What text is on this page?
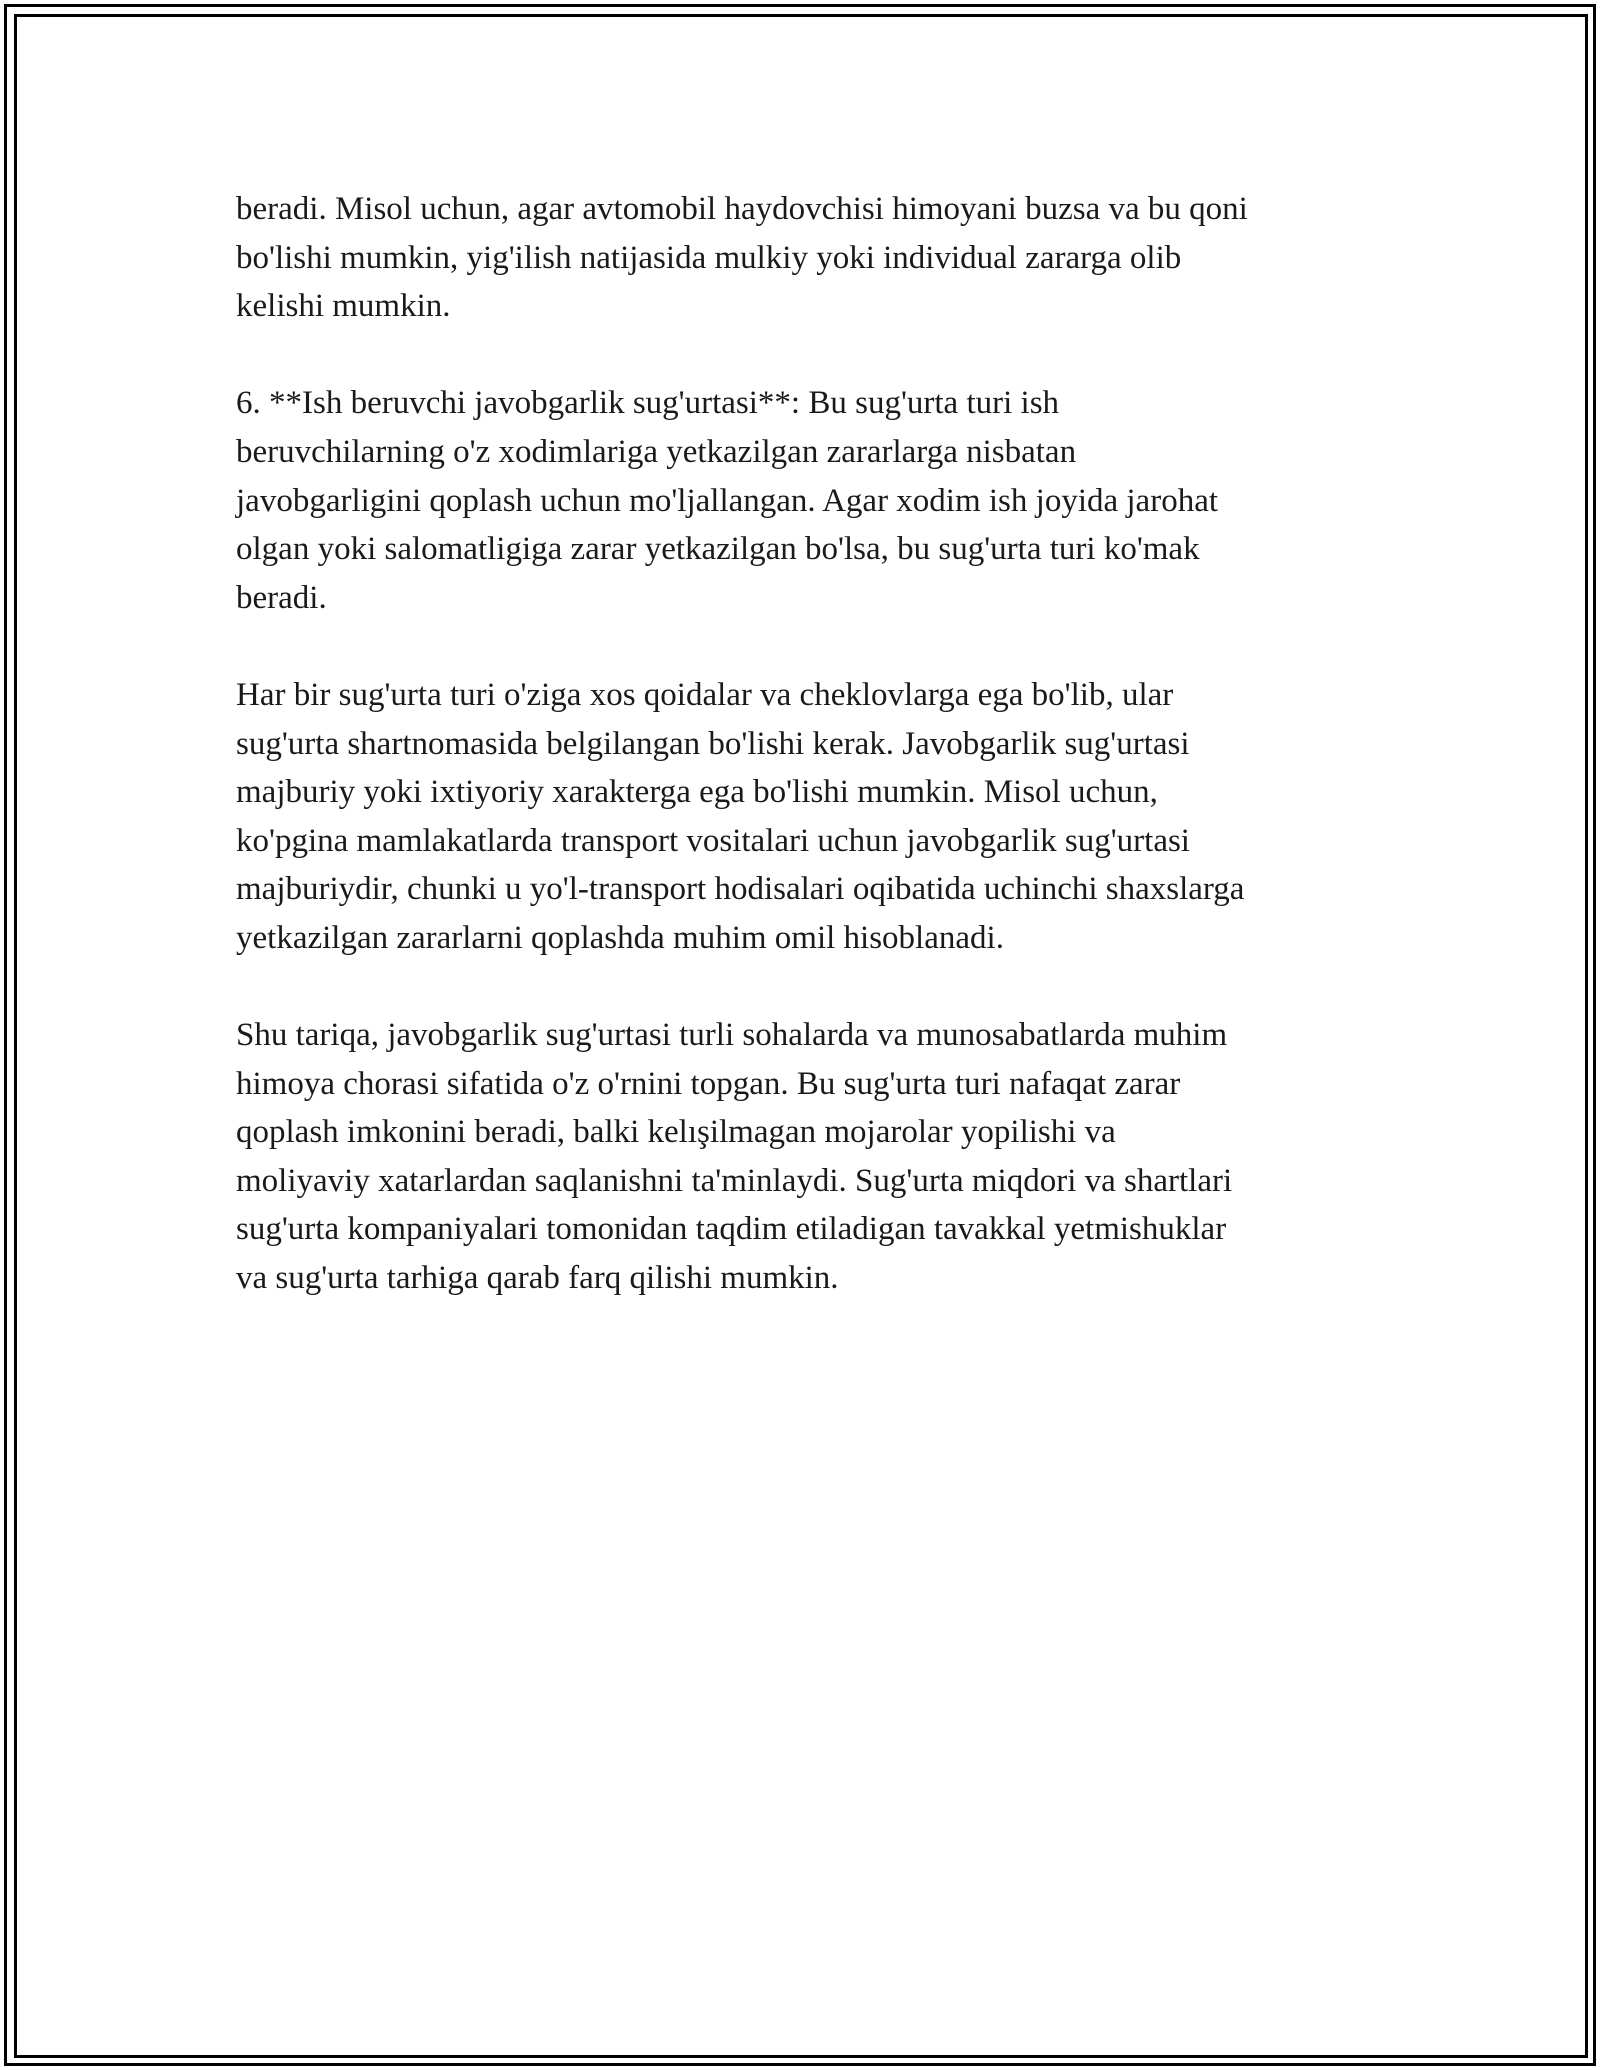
beradi. Misol uchun, agar avtomobil haydovchisi himoyani buzsa va bu qoni
bo'lishi mumkin, yig'ilish natijasida mulkiy yoki individual zararga olib
kelishi mumkin.

6. **Ish beruvchi javobgarlik sug'urtasi**: Bu sug'urta turi ish
beruvchilarning o'z xodimlariga yetkazilgan zararlarga nisbatan
javobgarligini qoplash uchun mo'ljallangan. Agar xodim ish joyida jarohat
olgan yoki salomatligiga zarar yetkazilgan bo'lsa, bu sug'urta turi ko'mak
beradi.

Har bir sug'urta turi o'ziga xos qoidalar va cheklovlarga ega bo'lib, ular
sug'urta shartnomasida belgilangan bo'lishi kerak. Javobgarlik sug'urtasi
majburiy yoki ixtiyoriy xarakterga ega bo'lishi mumkin. Misol uchun,
ko'pgina mamlakatlarda transport vositalari uchun javobgarlik sug'urtasi
majburiydir, chunki u yo'l-transport hodisalari oqibatida uchinchi shaxslarga
yetkazilgan zararlarni qoplashda muhim omil hisoblanadi.

Shu tariqa, javobgarlik sug'urtasi turli sohalarda va munosabatlarda muhim
himoya chorasi sifatida o'z o'rnini topgan. Bu sug'urta turi nafaqat zarar
qoplash imkonini beradi, balki kelışilmagan mojarolar yopilishi va
moliyaviy xatarlardan saqlanishni ta'minlaydi. Sug'urta miqdori va shartlari
sug'urta kompaniyalari tomonidan taqdim etiladigan tavakkal yetmishuklar
va sug'urta tarhiga qarab farq qilishi mumkin.
